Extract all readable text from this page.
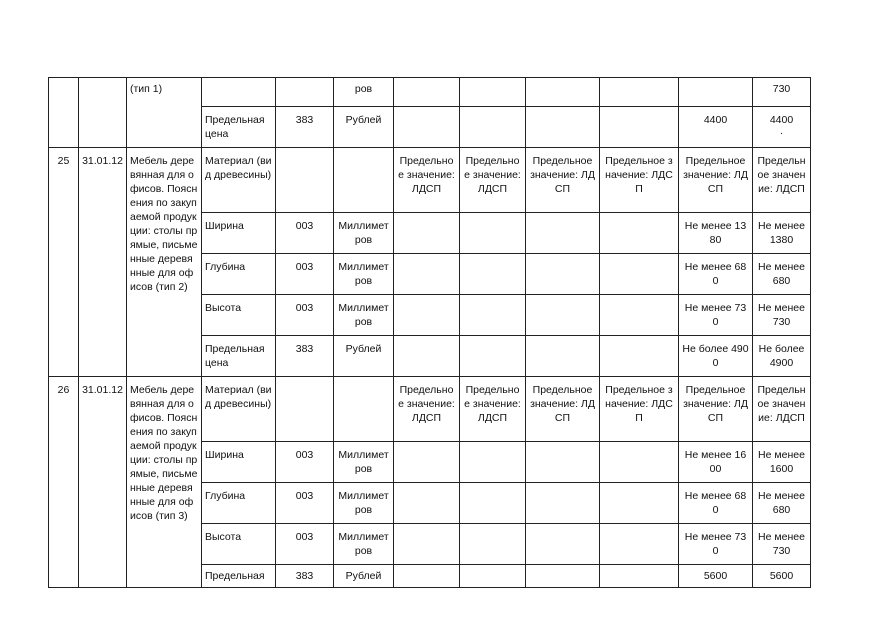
		(тип 1)			ров						730
			Предельная цена	383	Рублей					4400	4400
.

25	31.01.12	Мебель деревянная для офисов. Пояснения по закупаемой продукции: столы прямые, письменные деревянные для офисов (тип 2)	Материал (вид древесины)			Предельно е значение: ЛДСП	Предельно е значение: ЛДСП	Предельное значение: ЛДСП	Предельное значение: ЛДСП	Предельное значение: ЛДСП	Предельн ое значение: ЛДСП
			Ширина	003	Миллимет ров					Не менее 1380	Не менее 1380
			Глубина	003	Миллимет ров					Не менее 680	Не менее 680
			Высота	003	Миллимет ров					Не менее 730	Не менее 730
			Предельная цена	383	Рублей					Не более 4900	Не более 4900
26	31.01.12	Мебель деревянная для офисов. Пояснения по закупаемой продукции: столы прямые, письменные деревянные для офисов (тип 3)	Материал (вид древесины)			Предельно е значение: ЛДСП	Предельно е значение: ЛДСП	Предельное значение: ЛДСП	Предельное значение: ЛДСП	Предельное значение: ЛДСП	Предельн ое значение: ЛДСП
			Ширина	003	Миллимет ров					Не менее 1600	Не менее 1600
			Глубина	003	Миллимет ров					Не менее 680	Не менее 680
			Высота	003	Миллимет ров					Не менее 730	Не менее 730
			Предельная	383	Рублей					5600	5600
